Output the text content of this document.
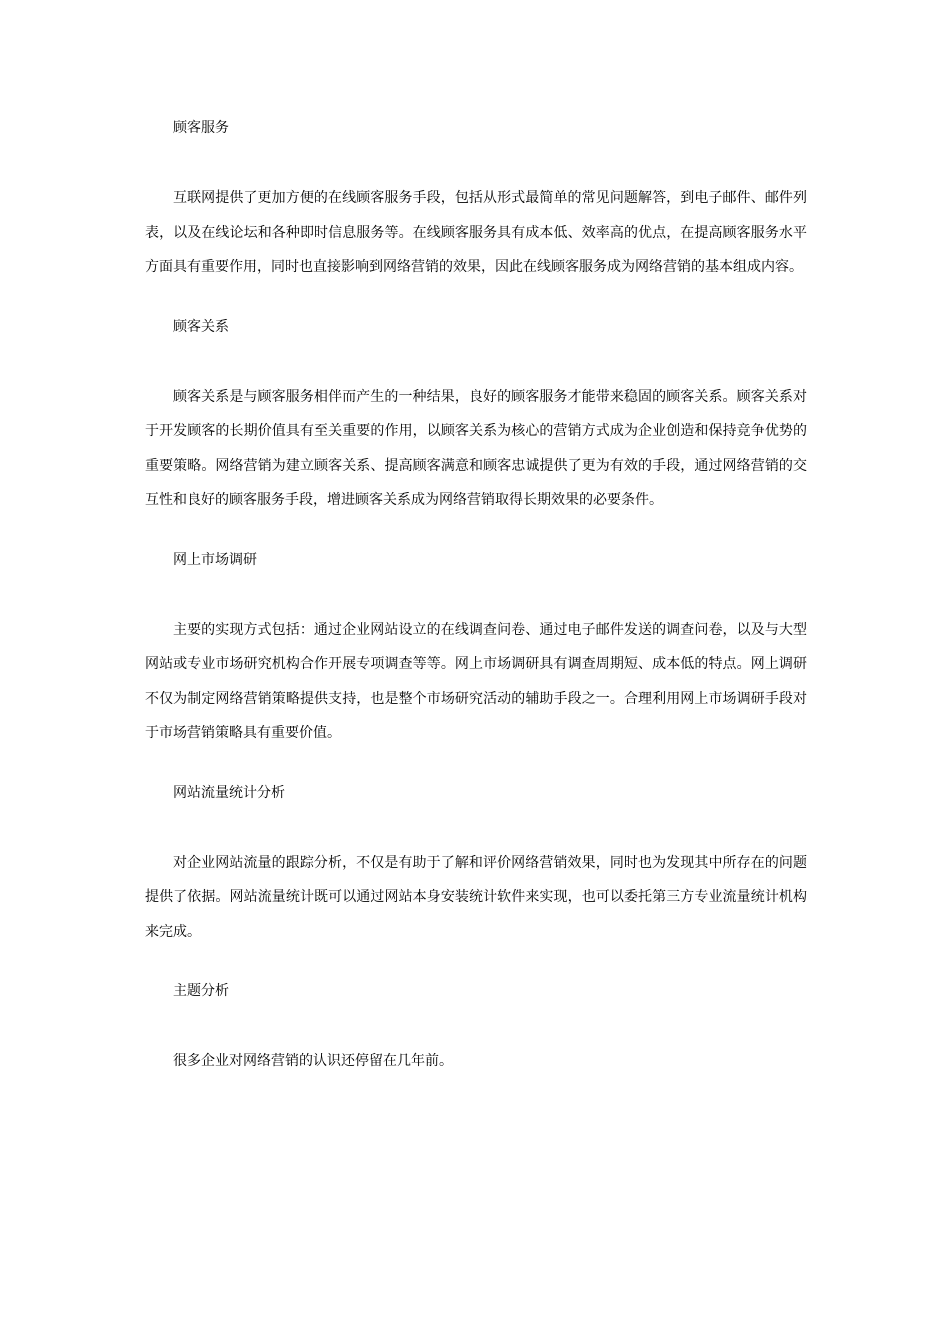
顾客服务

互联网提供了更加方便的在线顾客服务手段，包括从形式最简单的常见问题解答，到电子邮件、邮件列表，以及在线论坛和各种即时信息服务等。在线顾客服务具有成本低、效率高的优点，在提高顾客服务水平方面具有重要作用，同时也直接影响到网络营销的效果，因此在线顾客服务成为网络营销的基本组成内容。

顾客关系

顾客关系是与顾客服务相伴而产生的一种结果，良好的顾客服务才能带来稳固的顾客关系。顾客关系对于开发顾客的长期价值具有至关重要的作用，以顾客关系为核心的营销方式成为企业创造和保持竞争优势的重要策略。网络营销为建立顾客关系、提高顾客满意和顾客忠诚提供了更为有效的手段，通过网络营销的交互性和良好的顾客服务手段，增进顾客关系成为网络营销取得长期效果的必要条件。

网上市场调研

主要的实现方式包括：通过企业网站设立的在线调查问卷、通过电子邮件发送的调查问卷，以及与大型网站或专业市场研究机构合作开展专项调查等等。网上市场调研具有调查周期短、成本低的特点。网上调研不仅为制定网络营销策略提供支持，也是整个市场研究活动的辅助手段之一。合理利用网上市场调研手段对于市场营销策略具有重要价值。

网站流量统计分析

对企业网站流量的跟踪分析，不仅是有助于了解和评价网络营销效果，同时也为发现其中所存在的问题提供了依据。网站流量统计既可以通过网站本身安装统计软件来实现，也可以委托第三方专业流量统计机构来完成。

主题分析

很多企业对网络营销的认识还停留在几年前。
